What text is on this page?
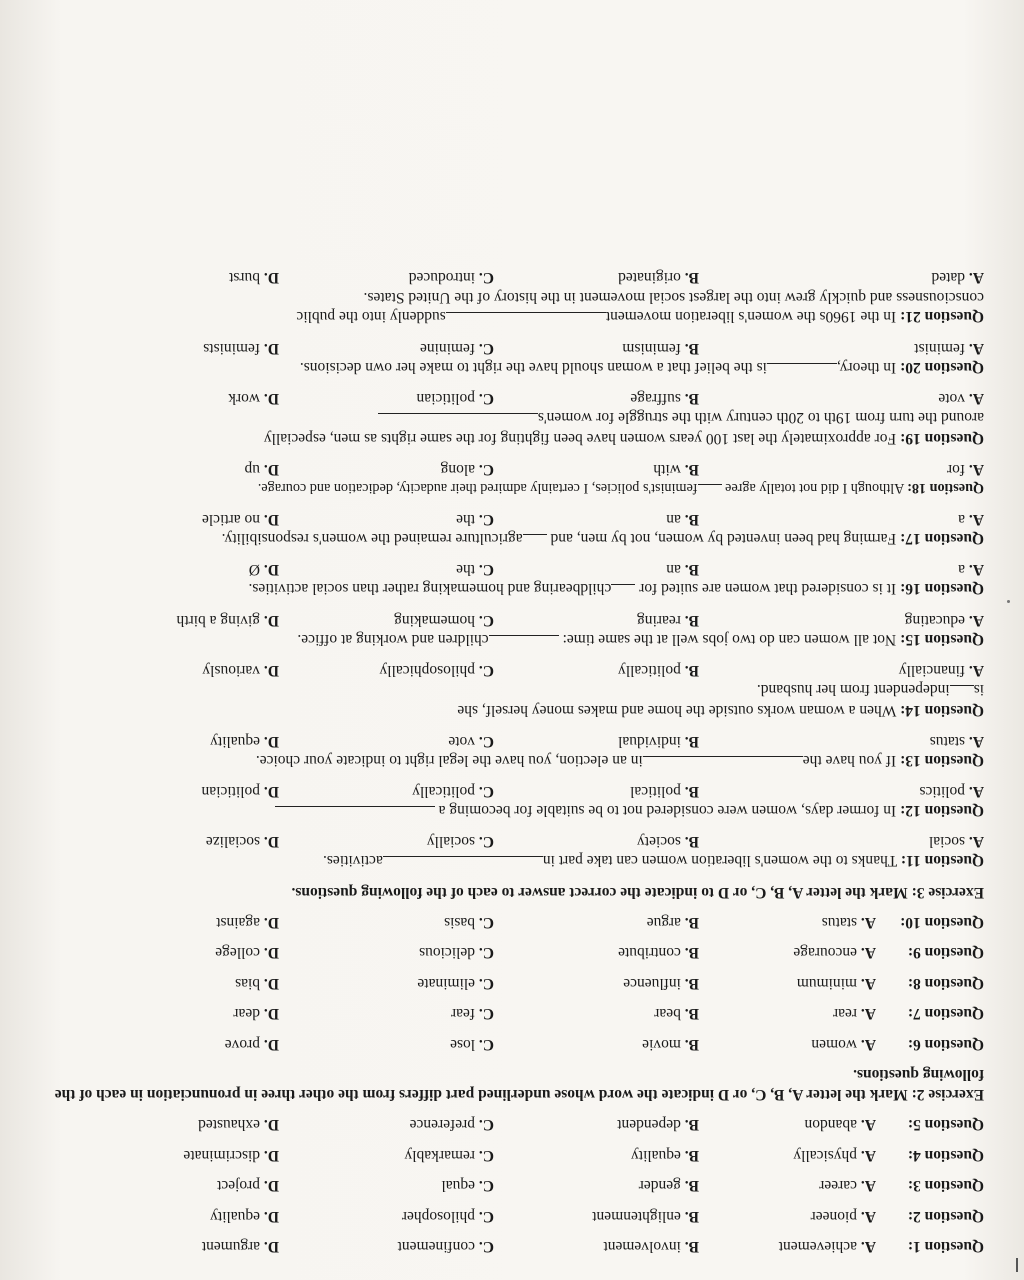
Question 1:
A. achievement
B. involvement
C. confinement
D. argument
Question 2:
A. pioneer
B. enlightenment
C. philosopher
D. equality
Question 3:
A. career
B. gender
C. equal
D. project
Question 4:
A. physically
B. equality
C. remarkably
D. discriminate
Question 5:
A. abandon
B. dependent
C. preference
D. exhausted
Exercise 2: Mark the letter A, B, C, or D indicate the word whose underlined part differs from the other three in pronunciation in each of the following questions.
Question 6:
A. women
B. movie
C. lose
D. prove
Question 7:
A. rear
B. bear
C. fear
D. dear
Question 8:
A. minimum
B. influence
C. eliminate
D. bias
Question 9:
A. encourage
B. contribute
C. delicious
D. college
Question 10:
A. status
B. argue
C. basis
D. against
Exercise 3: Mark the letter A, B, C, or D to indicate the correct answer to each of the following questions.
Question 11: Thanks to the women's liberation women can take part inactivities.
A. social
B. society
C. socially
D. socialize
Question 12: In former days, women were considered not to be suitable for becoming a
A. politics
B. political
C. politically
D. politician
Question 13: If you have thein an election, you have the legal right to indicate your choice.
A. status
B. individual
C. vote
D. equality
Question 14: When a woman works outside the home and makes money herself, she
isindependent from her husband.
A. financially
B. politically
C. philosophically
D. variously
Question 15: Not all women can do two jobs well at the same time: children and working at office.
A. educating
B. rearing
C. homemaking
D. giving a birth
Question 16: It is considered that women are suited for childbearing and homemaking rather than social activities.
A. a
B. an
C. the
D. Ø
Question 17: Farming had been invented by women, not by men, and agriculture remained the women's responsibility.
A. a
B. an
C. the
D. no article
Question 18: Although I did not totally agree feminist's policies, I certainly admired their audacity, dedication and courage.
A. for
B. with
C. along
D. up
Question 19: For approximately the last 100 years women have been fighting for the same rights as men, especially
around the turn from 19th to 20th century with the struggle for women's
A. vote
B. suffrage
C. politician
D. work
Question 20: In theory,is the belief that a woman should have the right to make her own decisions.
A. feminist
B. feminism
C. feminine
D. feminists
Question 21: In the 1960s the women's liberation movementsuddenly into the public
consciousness and quickly grew into the largest social movement in the history of the United States.
A. dated
B. originated
C. introduced
D. burst
